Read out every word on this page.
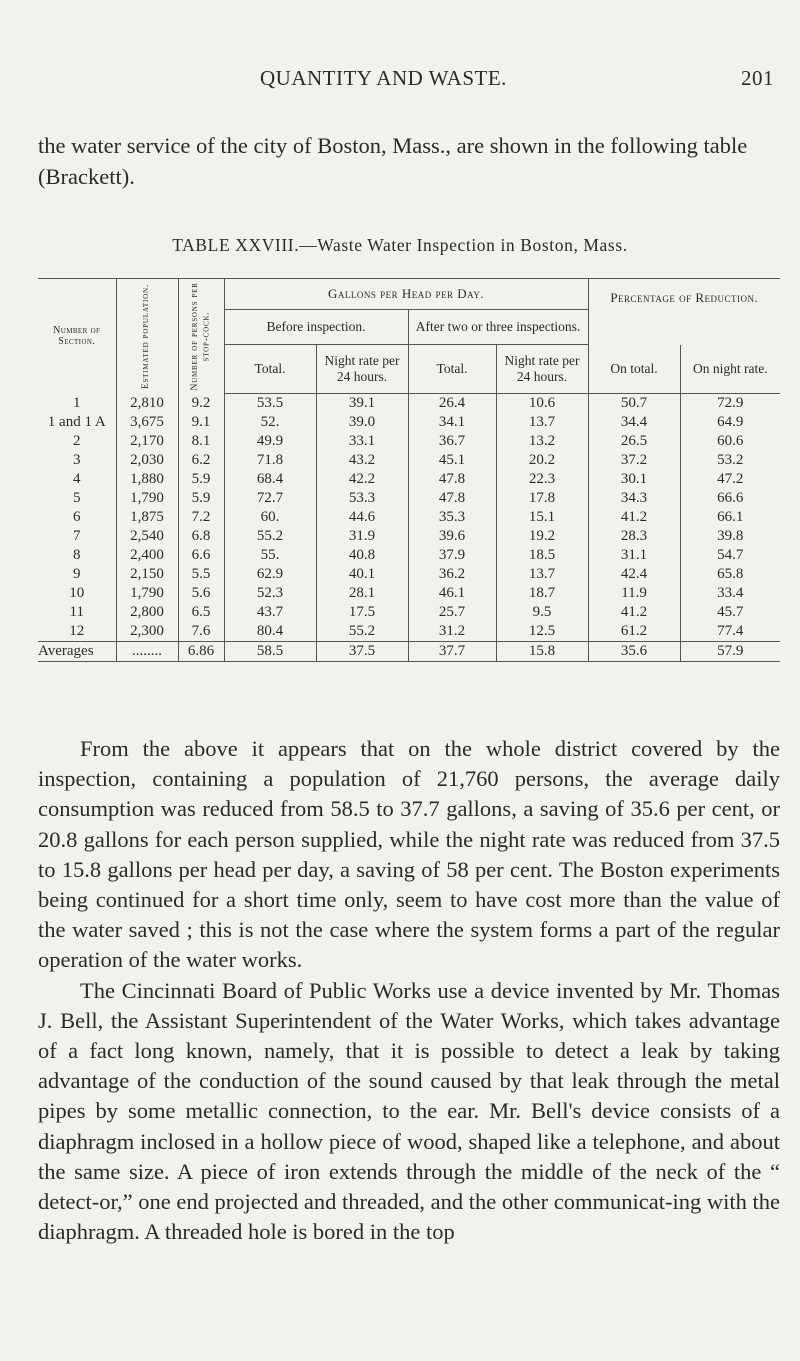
QUANTITY AND WASTE.	201
the water service of the city of Boston, Mass., are shown in the following table (Brackett).
TABLE XXVIII.—Waste Water Inspection in Boston, Mass.
Number of Section.	Estimated population.	Number of persons per stop-cock.	Gallons per Head per Day.				Percentage of Reduction.	
			Before inspection.		After two or three inspections.			
			Total.	Night rate per 24 hours.	Total.	Night rate per 24 hours.	On total.	On night rate.
1	2,810	9.2	53.5	39.1	26.4	10.6	50.7	72.9
1 and 1 A	3,675	9.1	52.	39.0	34.1	13.7	34.4	64.9
2	2,170	8.1	49.9	33.1	36.7	13.2	26.5	60.6
3	2,030	6.2	71.8	43.2	45.1	20.2	37.2	53.2
4	1,880	5.9	68.4	42.2	47.8	22.3	30.1	47.2
5	1,790	5.9	72.7	53.3	47.8	17.8	34.3	66.6
6	1,875	7.2	60.	44.6	35.3	15.1	41.2	66.1
7	2,540	6.8	55.2	31.9	39.6	19.2	28.3	39.8
8	2,400	6.6	55.	40.8	37.9	18.5	31.1	54.7
9	2,150	5.5	62.9	40.1	36.2	13.7	42.4	65.8
10	1,790	5.6	52.3	28.1	46.1	18.7	11.9	33.4
11	2,800	6.5	43.7	17.5	25.7	9.5	41.2	45.7
12	2,300	7.6	80.4	55.2	31.2	12.5	61.2	77.4
Averages	........	6.86	58.5	37.5	37.7	15.8	35.6	57.9

From the above it appears that on the whole district covered by the inspection, containing a population of 21,760 persons, the average daily consumption was reduced from 58.5 to 37.7 gallons, a saving of 35.6 per cent, or 20.8 gallons for each person supplied, while the night rate was reduced from 37.5 to 15.8 gallons per head per day, a saving of 58 per cent. The Boston experiments being continued for a short time only, seem to have cost more than the value of the water saved ; this is not the case where the system forms a part of the regular operation of the water works.

The Cincinnati Board of Public Works use a device invented by Mr. Thomas J. Bell, the Assistant Superintendent of the Water Works, which takes advantage of a fact long known, namely, that it is possible to detect a leak by taking advantage of the conduction of the sound caused by that leak through the metal pipes by some metallic connection, to the ear. Mr. Bell's device consists of a diaphragm inclosed in a hollow piece of wood, shaped like a telephone, and about the same size. A piece of iron extends through the middle of the neck of the “ detect-or,” one end projected and threaded, and the other communicat-ing with the diaphragm. A threaded hole is bored in the top
